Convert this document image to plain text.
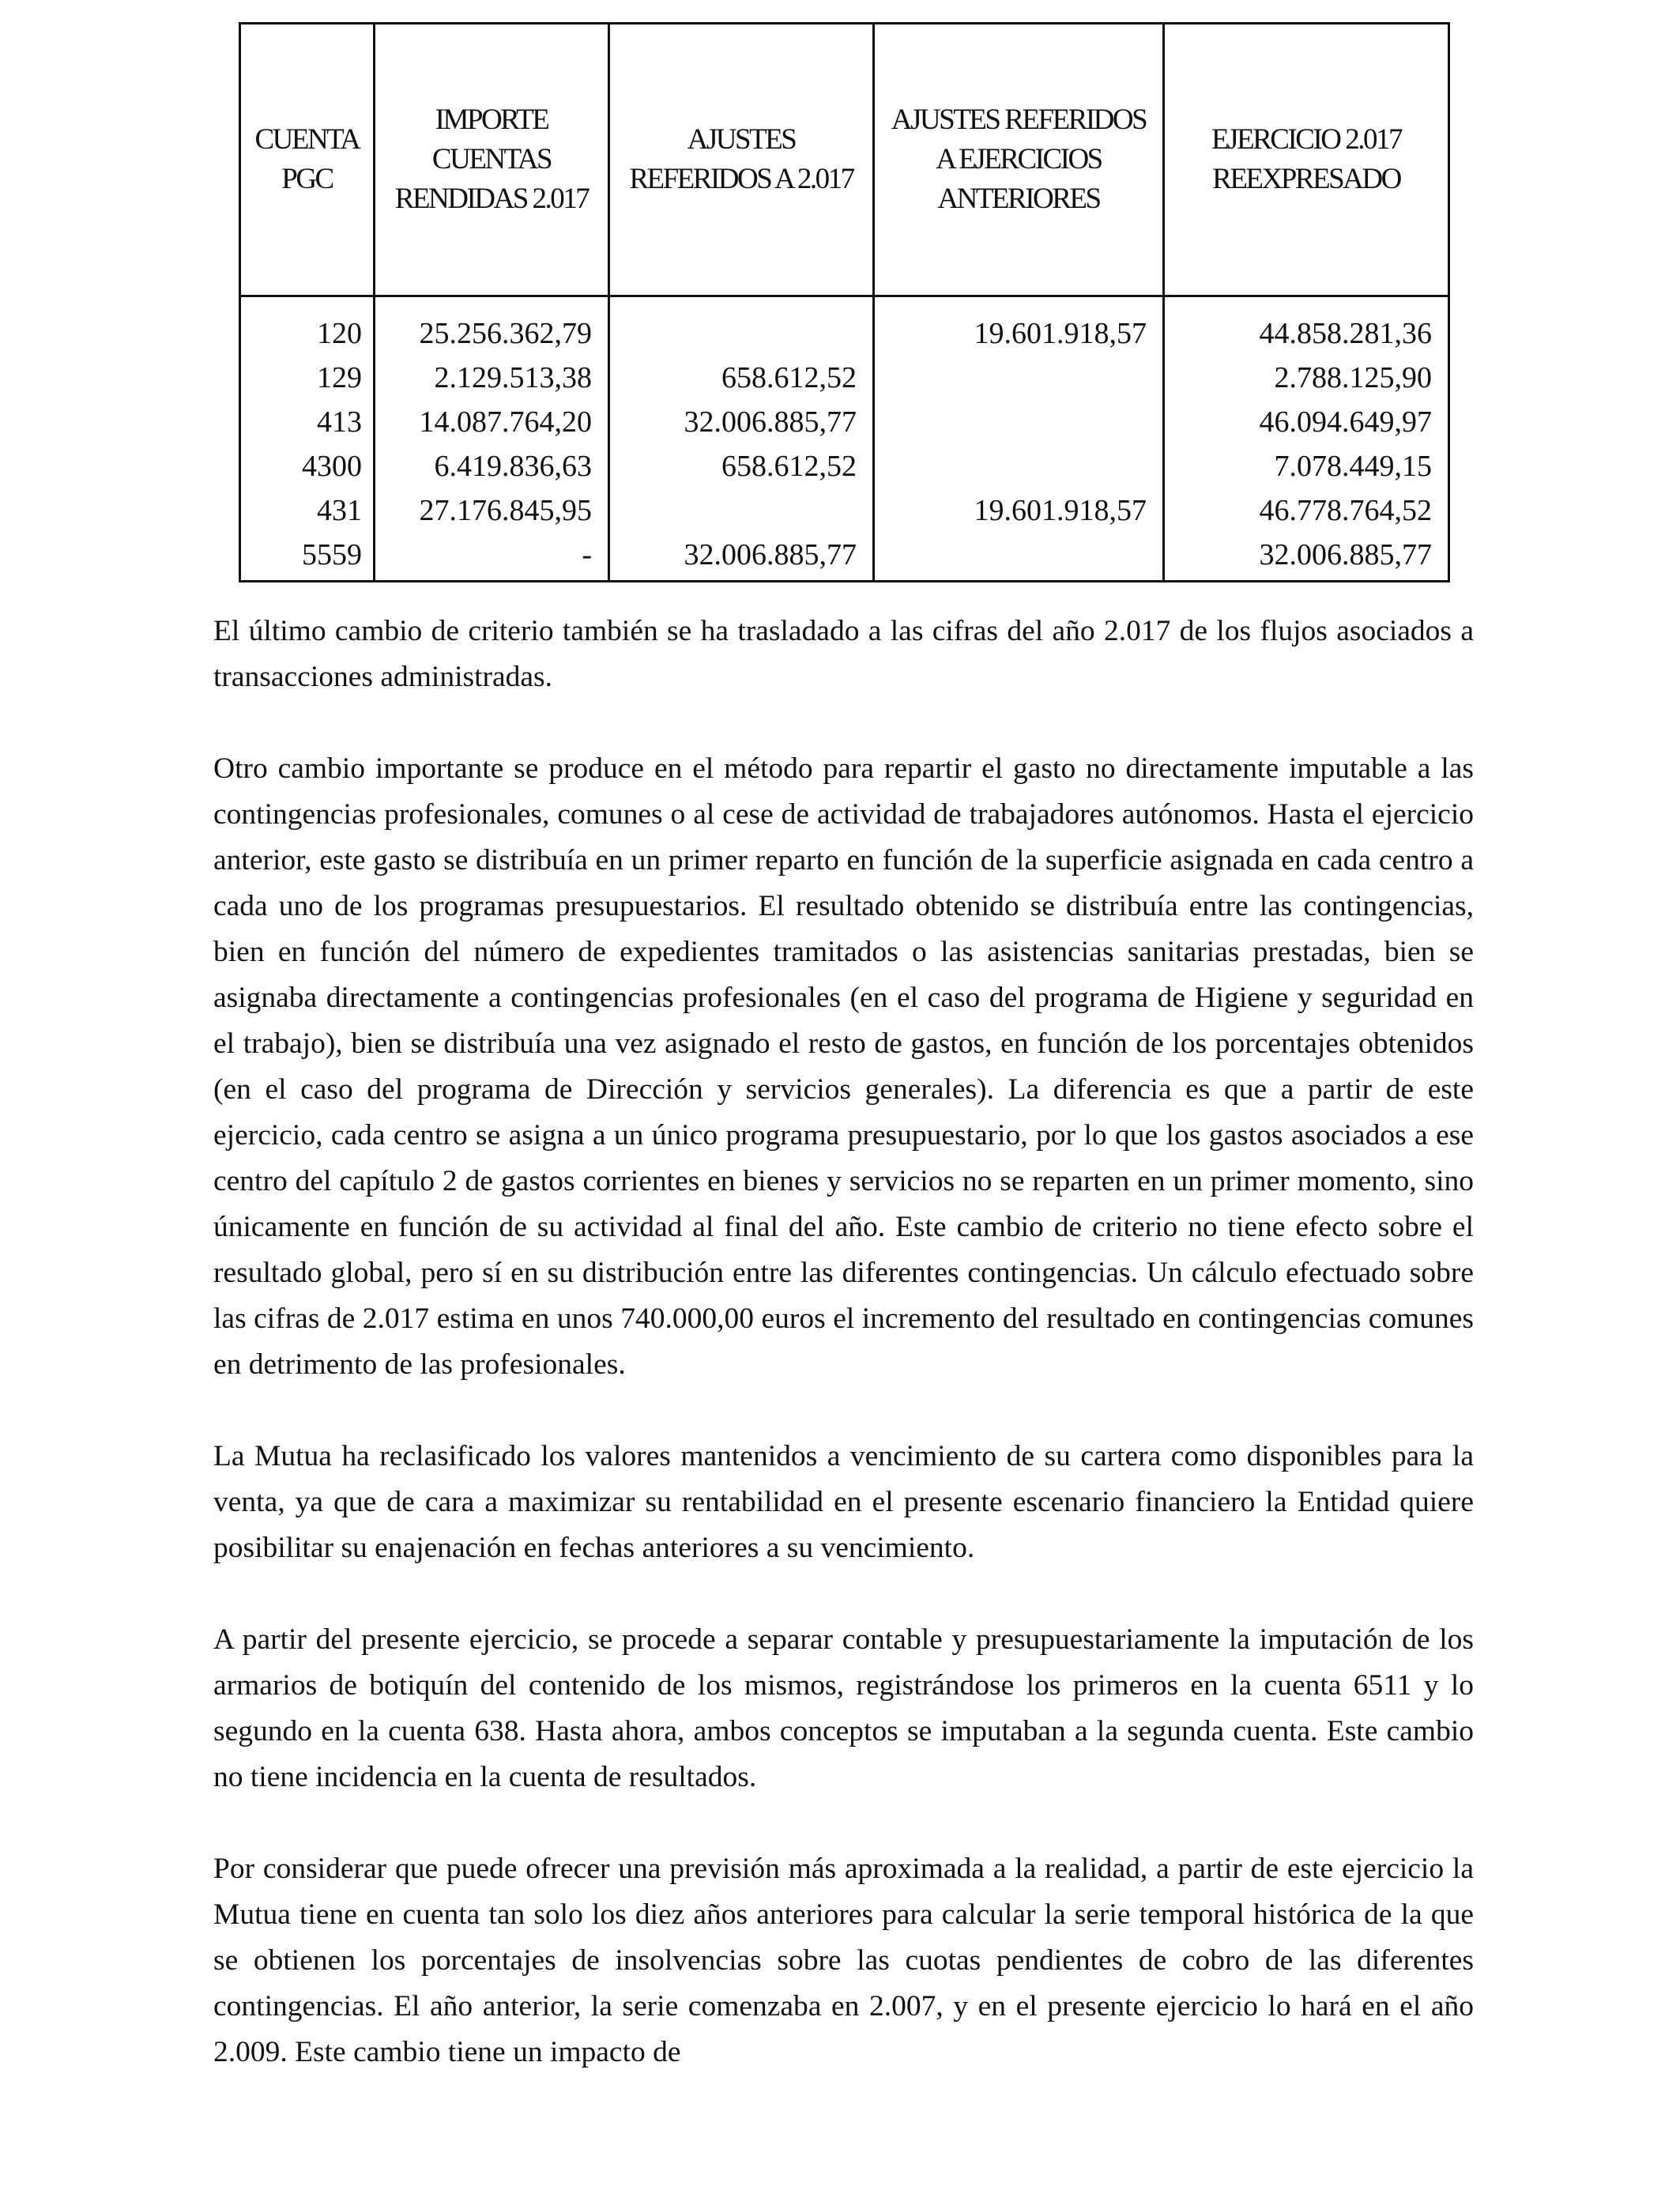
CUENTA PGC	IMPORTE CUENTAS RENDIDAS 2.017	AJUSTES REFERIDOS A 2.017	AJUSTES REFERIDOS A EJERCICIOS ANTERIORES	EJERCICIO 2.017 REEXPRESADO
120	25.256.362,79		19.601.918,57	44.858.281,36
129	2.129.513,38	658.612,52		2.788.125,90
413	14.087.764,20	32.006.885,77		46.094.649,97
4300	6.419.836,63	658.612,52		7.078.449,15
431	27.176.845,95		19.601.918,57	46.778.764,52
5559	-	32.006.885,77		32.006.885,77

El último cambio de criterio también se ha trasladado a las cifras del año 2.017 de los flujos asociados a transacciones administradas.

Otro cambio importante se produce en el método para repartir el gasto no directamente imputable a las contingencias profesionales, comunes o al cese de actividad de trabajadores autónomos. Hasta el ejercicio anterior, este gasto se distribuía en un primer reparto en función de la superficie asignada en cada centro a cada uno de los programas presupuestarios. El resultado obtenido se distribuía entre las contingencias, bien en función del número de expedientes tramitados o las asistencias sanitarias prestadas, bien se asignaba directamente a contingencias profesionales (en el caso del programa de Higiene y seguridad en el trabajo), bien se distribuía una vez asignado el resto de gastos, en función de los porcentajes obtenidos (en el caso del programa de Dirección y servicios generales). La diferencia es que a partir de este ejercicio, cada centro se asigna a un único programa presupuestario, por lo que los gastos asociados a ese centro del capítulo 2 de gastos corrientes en bienes y servicios no se reparten en un primer momento, sino únicamente en función de su actividad al final del año. Este cambio de criterio no tiene efecto sobre el resultado global, pero sí en su distribución entre las diferentes contingencias. Un cálculo efectuado sobre las cifras de 2.017 estima en unos 740.000,00 euros el incremento del resultado en contingencias comunes en detrimento de las profesionales.

La Mutua ha reclasificado los valores mantenidos a vencimiento de su cartera como disponibles para la venta, ya que de cara a maximizar su rentabilidad en el presente escenario financiero la Entidad quiere posibilitar su enajenación en fechas anteriores a su vencimiento.

A partir del presente ejercicio, se procede a separar contable y presupuestariamente la imputación de los armarios de botiquín del contenido de los mismos, registrándose los primeros en la cuenta 6511 y lo segundo en la cuenta 638. Hasta ahora, ambos conceptos se imputaban a la segunda cuenta. Este cambio no tiene incidencia en la cuenta de resultados.

Por considerar que puede ofrecer una previsión más aproximada a la realidad, a partir de este ejercicio la Mutua tiene en cuenta tan solo los diez años anteriores para calcular la serie temporal histórica de la que se obtienen los porcentajes de insolvencias sobre las cuotas pendientes de cobro de las diferentes contingencias. El año anterior, la serie comenzaba en 2.007, y en el presente ejercicio lo hará en el año 2.009. Este cambio tiene un impacto de
